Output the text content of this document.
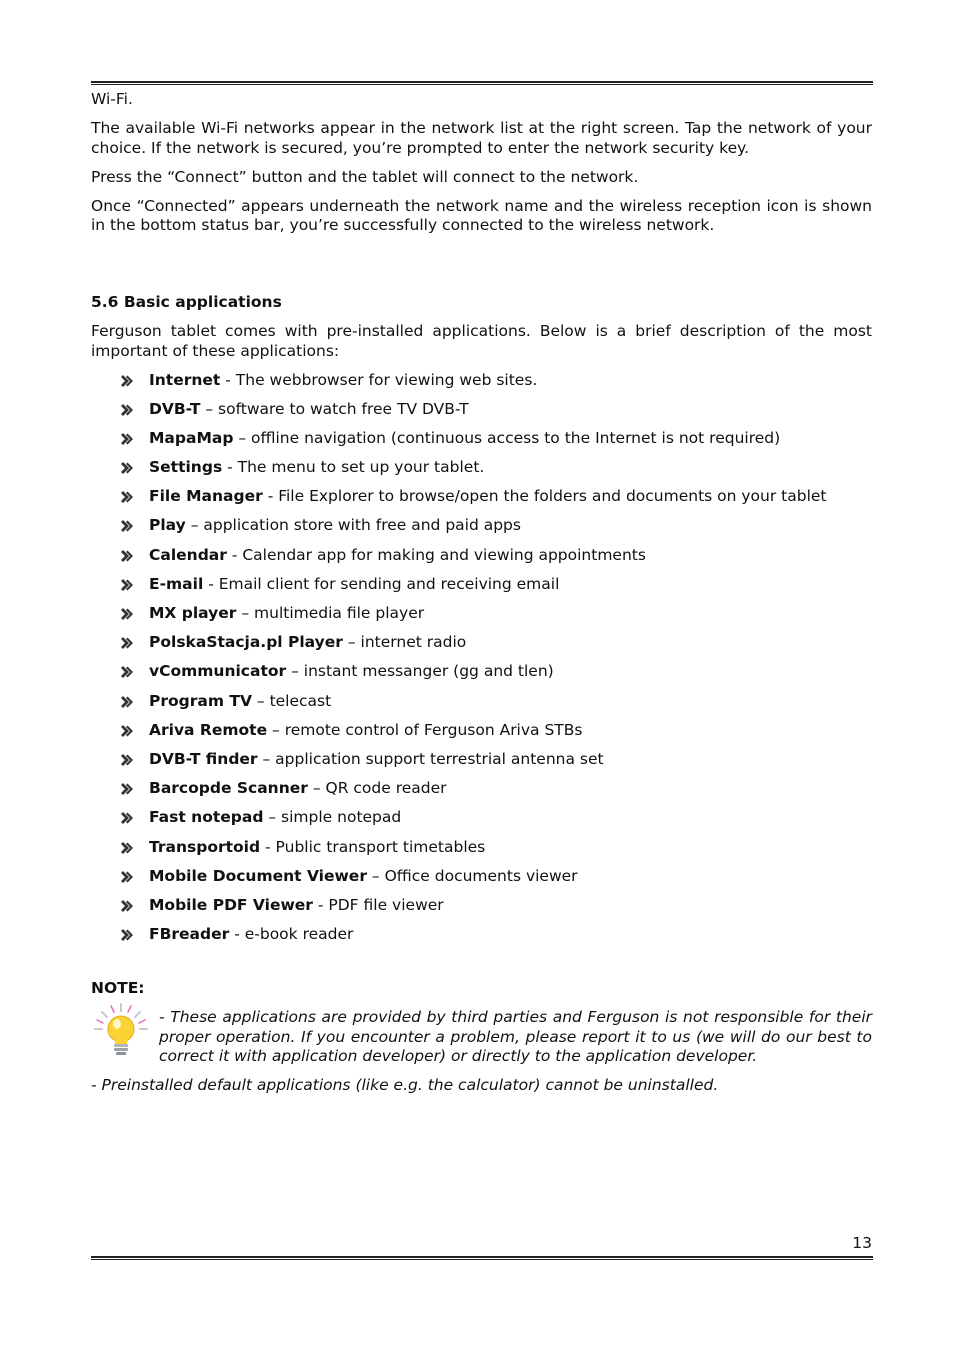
Wi-Fi.

The available Wi-Fi networks appear in the network list at the right screen. Tap the network of your choice. If the network is secured, you’re prompted to enter the network security key.

Press the “Connect” button and the tablet will connect to the network.

Once “Connected” appears underneath the network name and the wireless reception icon is shown in the bottom status bar, you’re successfully connected to the wireless network.

5.6 Basic applications

Ferguson tablet comes with pre-installed applications. Below is a brief description of the most important of these applications:

Internet - The webbrowser for viewing web sites.
DVB-T – software to watch free TV DVB-T
MapaMap – offline navigation (continuous access to the Internet is not required)
Settings - The menu to set up your tablet.
File Manager - File Explorer to browse/open the folders and documents on your tablet
Play – application store with free and paid apps
Calendar - Calendar app for making and viewing appointments
E-mail - Email client for sending and receiving email
MX player – multimedia file player
PolskaStacja.pl Player – internet radio
vCommunicator – instant messanger (gg and tlen)
Program TV – telecast
Ariva Remote – remote control of Ferguson Ariva STBs
DVB-T finder – application support terrestrial antenna set
Barcopde Scanner – QR code reader
Fast notepad – simple notepad
Transportoid - Public transport timetables
Mobile Document Viewer – Office documents viewer
Mobile PDF Viewer - PDF file viewer
FBreader - e-book reader
NOTE:

- These applications are provided by third parties and Ferguson is not responsible for their proper operation. If you encounter a problem, please report it to us (we will do our best to correct it with application developer) or directly to the application developer.

- Preinstalled default applications (like e.g. the calculator) cannot be uninstalled.

13
